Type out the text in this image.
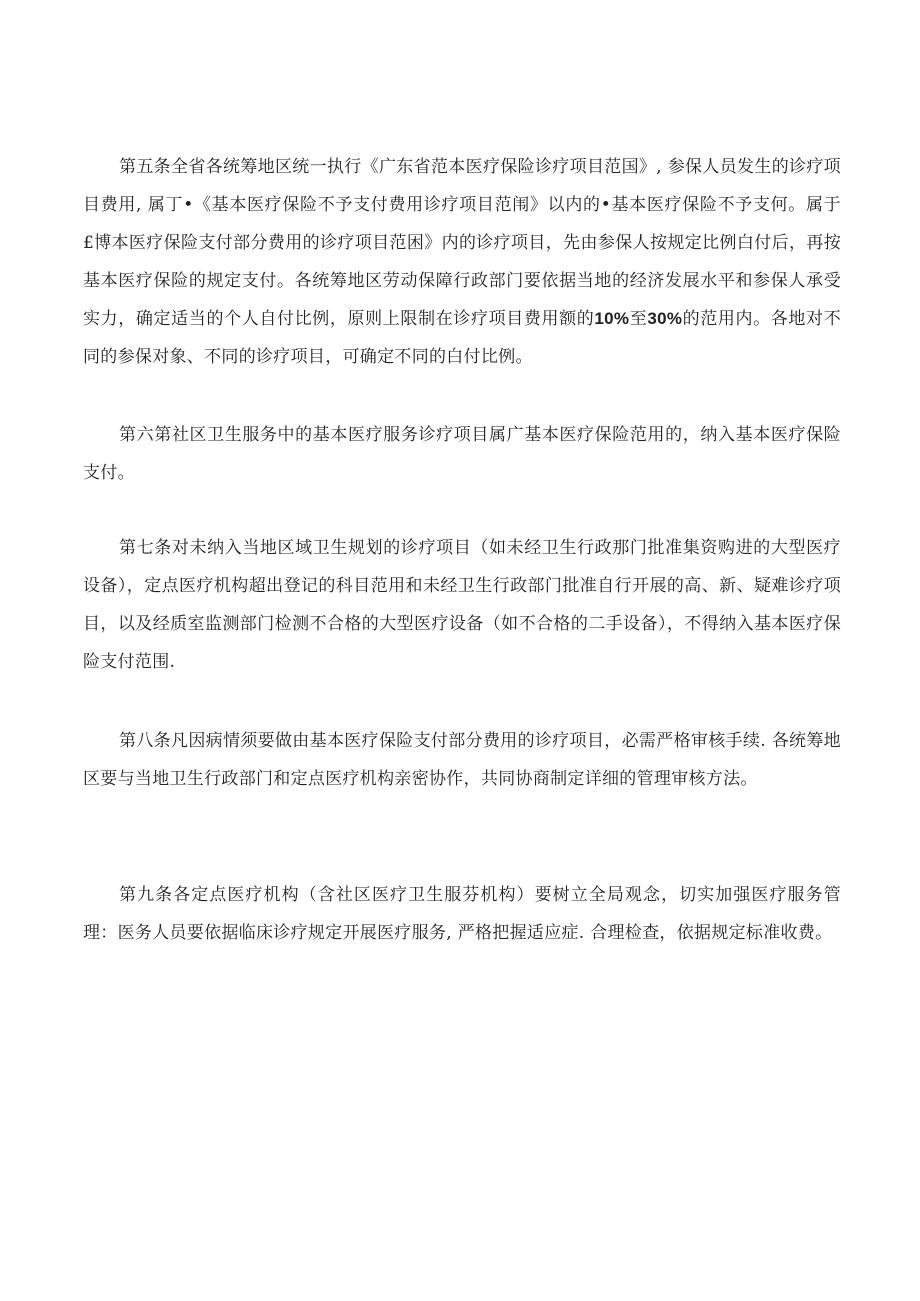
第五条全省各统筹地区统一执行《广东省范本医疗保险诊疗项目范国》, 参保人员发生的诊疗项目费用, 属丁•《基本医疗保险不予支付费用诊疗项目范闱》以内的•基本医疗保险不予支何。属于£博本医疗保险支付部分费用的诊疗项目范困》内的诊疗项目，先由参保人按规定比例白付后，再按基本医疗保险的规定支付。各统筹地区劳动保障行政部门要依据当地的经济发展水平和参保人承受实力，确定适当的个人自付比例，原则上限制在诊疗项目费用额的10%至30%的范用内。各地对不同的参保对象、不同的诊疗项目，可确定不同的白付比例。

第六第社区卫生服务中的基本医疗服务诊疗项目属广基本医疗保险范用的，纳入基本医疗保险支付。

第七条对未纳入当地区域卫生规划的诊疗项目（如未经卫生行政那门批准集资购进的大型医疗设备），定点医疗机构超出登记的科目范用和未经卫生行政部门批准自行开展的高、新、疑难诊疗项目，以及经质室监测部门检测不合格的大型医疗设备（如不合格的二手设备），不得纳入基本医疗保险支付范围.

第八条凡因病情须要做由基本医疗保险支付部分费用的诊疗项目，必需严格审核手续. 各统筹地区要与当地卫生行政部门和定点医疗机构亲密协作，共同协商制定详细的管理审核方法。

第九条各定点医疗机构（含社区医疗卫生服芬机构）要树立全局观念，切实加强医疗服务管理：医务人员要依据临床诊疗规定开展医疗服务, 严格把握适应症. 合理检查，依据规定标准收费。
